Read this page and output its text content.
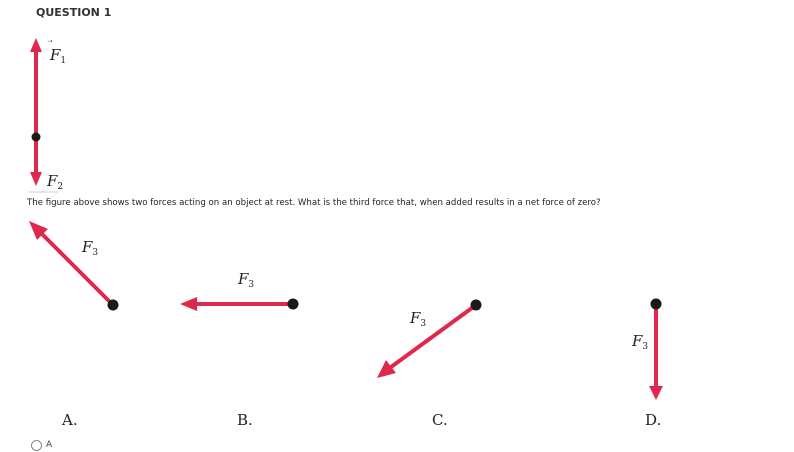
QUESTION 1
$F_1$
$F_2$
$F_3$
A.
$F_3$
B.
$F_3$
C.
$F_3$
D.
The figure above shows two forces acting on an object at rest. What is the third force that, when added results in a net force of zero?
A
